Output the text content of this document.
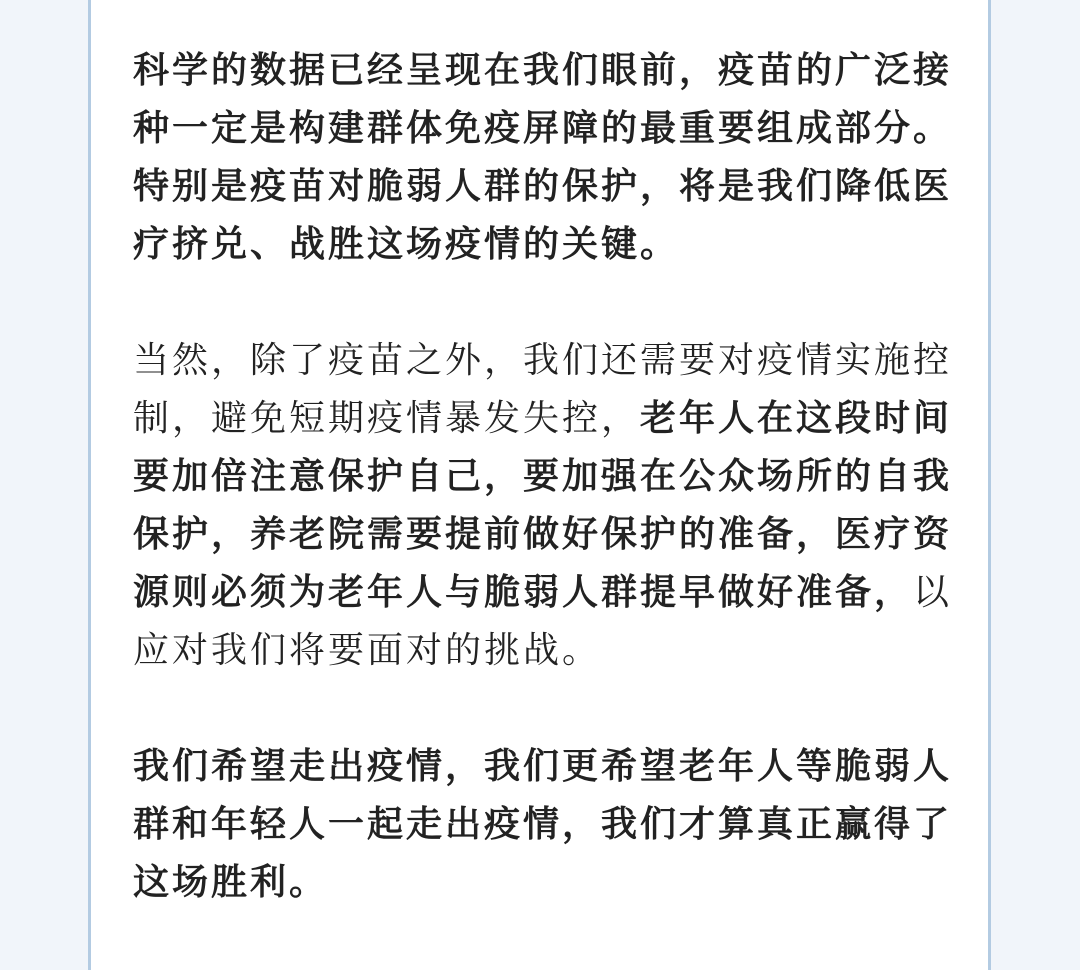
科学的数据已经呈现在我们眼前，疫苗的广泛接种一定是构建群体免疫屏障的最重要组成部分。特别是疫苗对脆弱人群的保护，将是我们降低医疗挤兑、战胜这场疫情的关键。

当然，除了疫苗之外，我们还需要对疫情实施控制，避免短期疫情暴发失控，老年人在这段时间要加倍注意保护自己，要加强在公众场所的自我保护，养老院需要提前做好保护的准备，医疗资源则必须为老年人与脆弱人群提早做好准备，以应对我们将要面对的挑战。

我们希望走出疫情，我们更希望老年人等脆弱人群和年轻人一起走出疫情，我们才算真正赢得了这场胜利。
